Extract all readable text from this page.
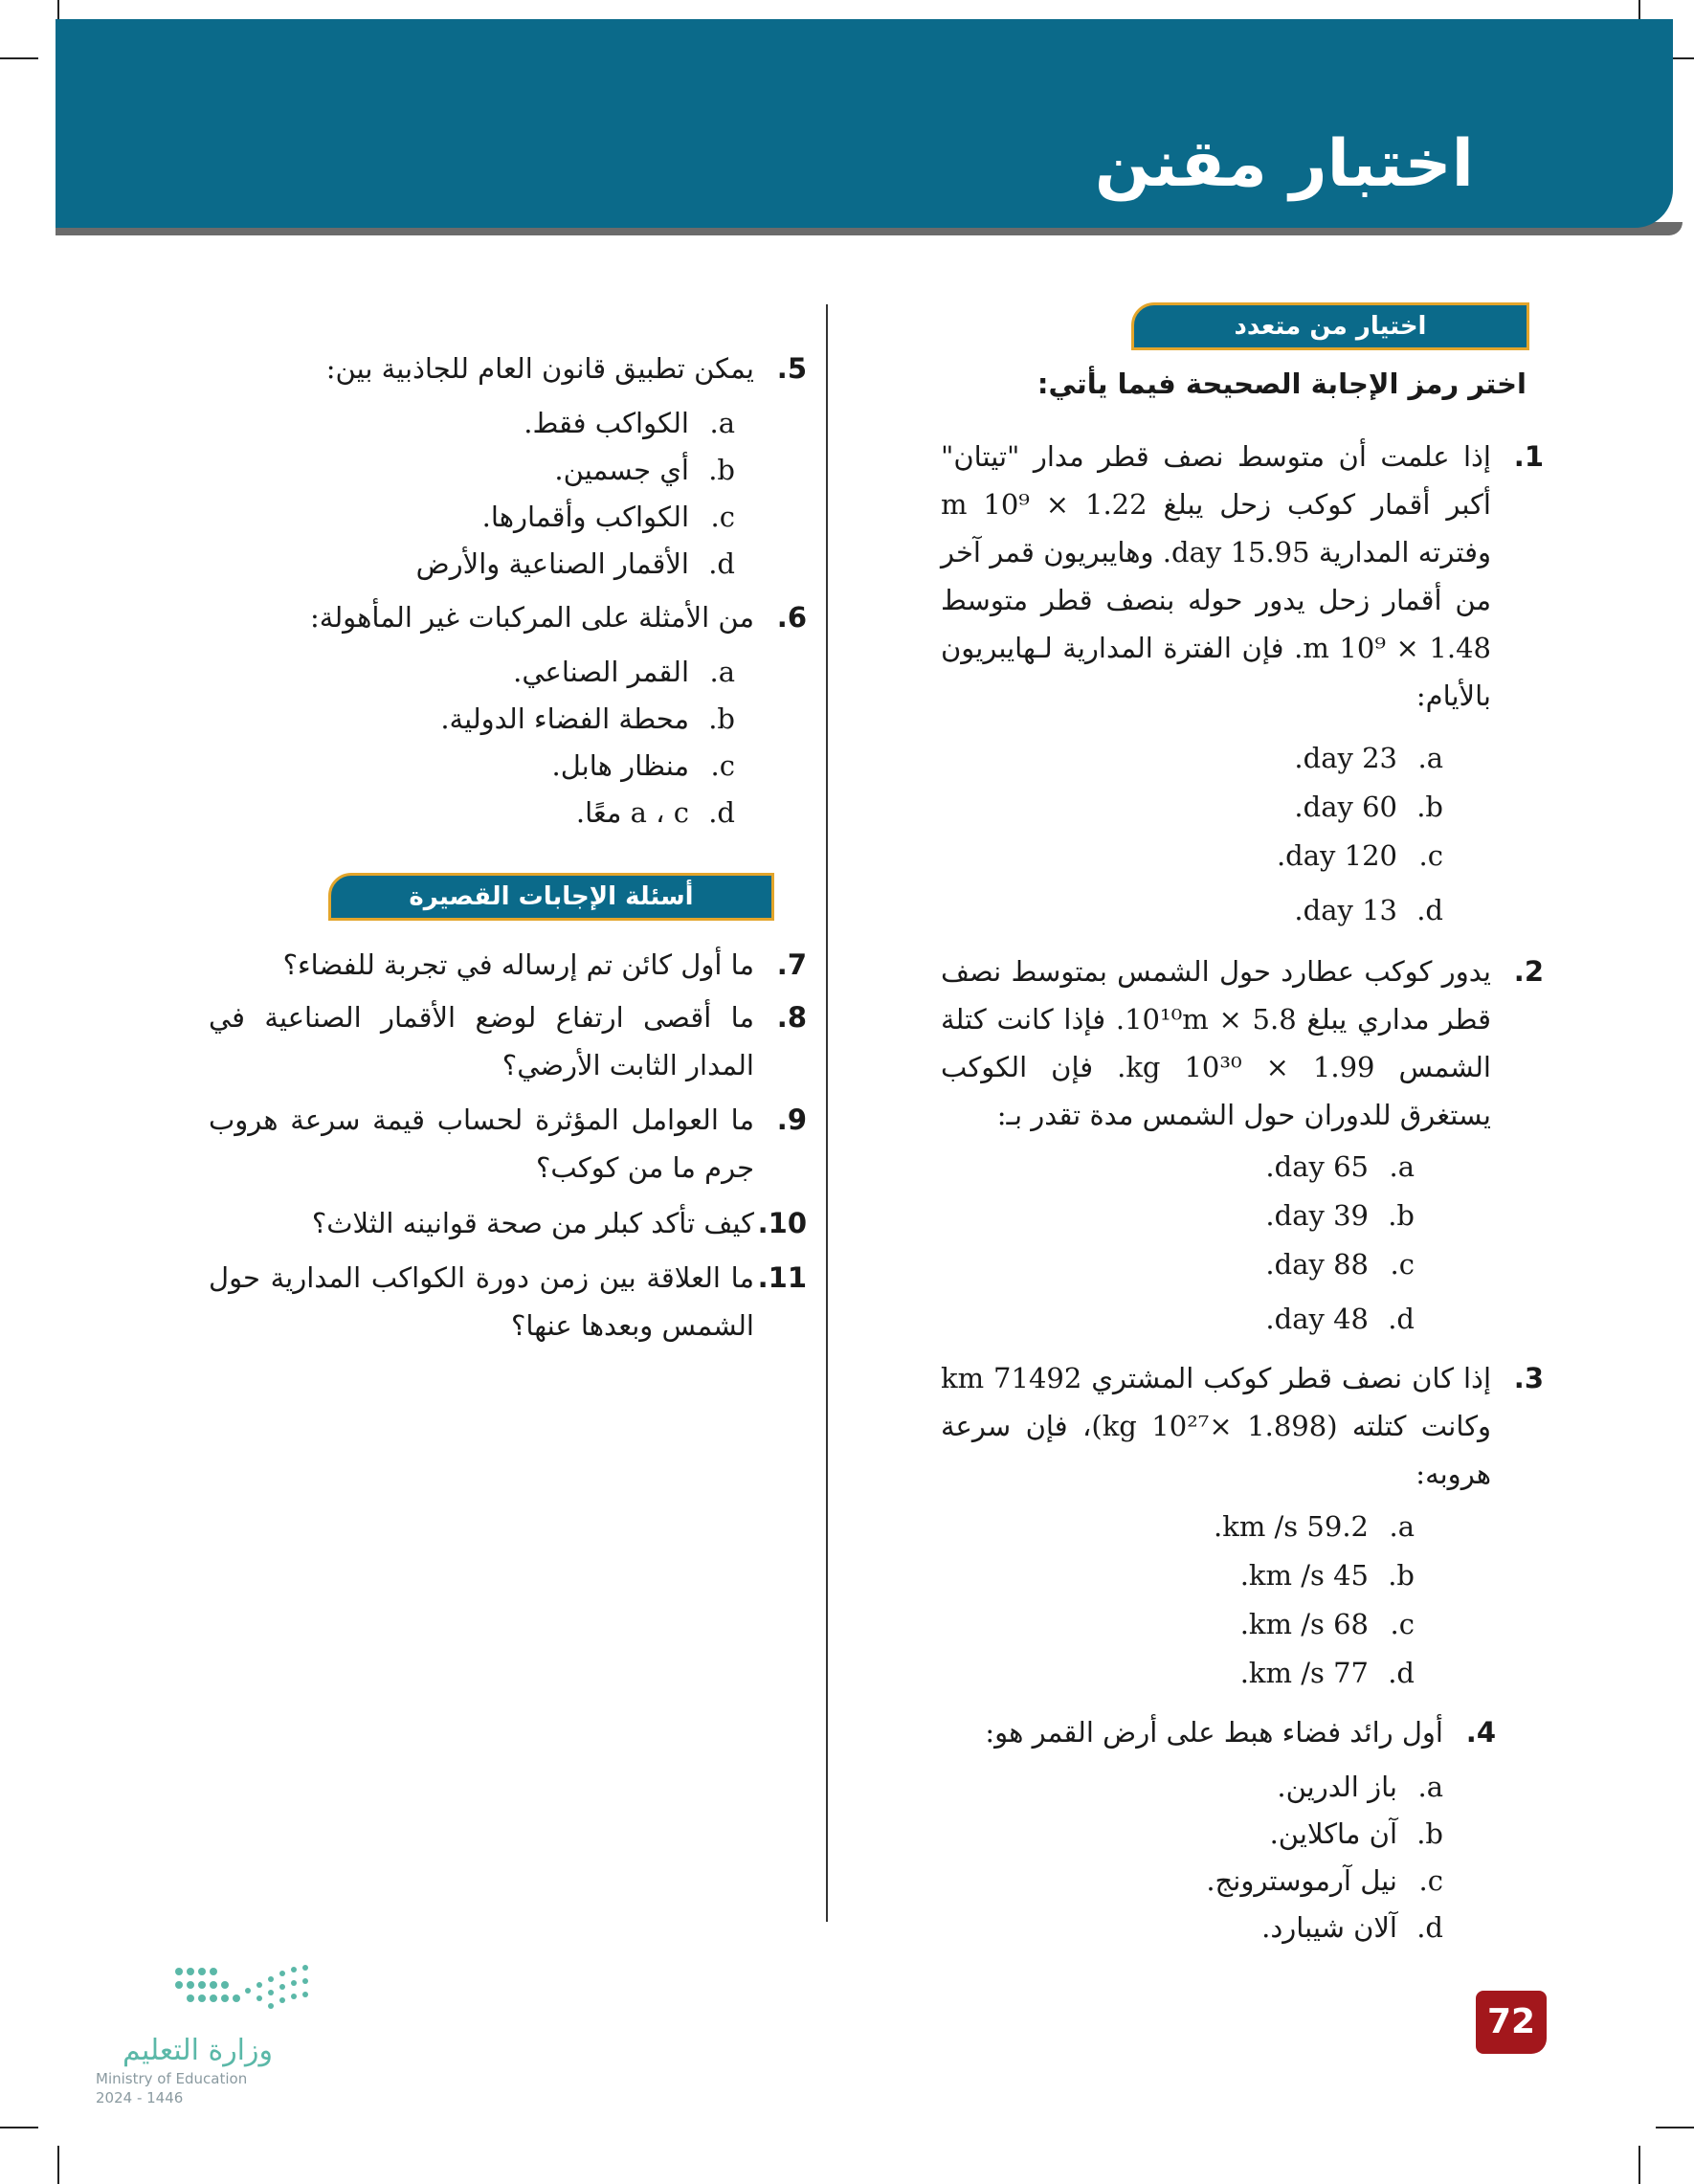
اختبار مقنن
اختيار من متعدد
اختر رمز الإجابة الصحيحة فيما يأتي:
1.
إذا علمت أن متوسط نصف قطر مدار "تيتان" أكبر أقمار كوكب زحل يبلغ 1.22 × 10⁹ m وفترته المدارية 15.95 day. وهايبريون قمر آخر من أقمار زحل يدور حوله بنصف قطر متوسط 1.48 × 10⁹ m. فإن الفترة المدارية لـهايبريون بالأيام:
a.23 day.
b.60 day.
c.120 day.
d.13 day.
2.
يدور كوكب عطارد حول الشمس بمتوسط نصف قطر مداري يبلغ 5.8 × 10¹⁰m. فإذا كانت كتلة الشمس 1.99 × 10³⁰ kg. فإن الكوكب يستغرق للدوران حول الشمس مدة تقدر بـ:
a.65 day.
b.39 day.
c.88 day.
d.48 day.
3.
إذا كان نصف قطر كوكب المشتري 71492 km وكانت كتلته (1.898 ×10²⁷ kg)، فإن سرعة هروبه:
a.59.2 km /s.
b.45 km /s.
c.68 km /s.
d.77 km /s.
4.
أول رائد فضاء هبط على أرض القمر هو:
a.باز الدرين.
b.آن ماكلاين.
c.نيل آرموسترونج.
d.آلان شيبارد.
5.
يمكن تطبيق قانون العام للجاذبية بين:
a.الكواكب فقط.
b.أي جسمين.
c.الكواكب وأقمارها.
d.الأقمار الصناعية والأرض
6.
من الأمثلة على المركبات غير المأهولة:
a.القمر الصناعي.
b.محطة الفضاء الدولية.
c.منظار هابل.
d.a ، c معًا.
أسئلة الإجابات القصيرة
7.
ما أول كائن تم إرساله في تجربة للفضاء؟
8.
ما أقصى ارتفاع لوضع الأقمار الصناعية في المدار الثابت الأرضي؟
9.
ما العوامل المؤثرة لحساب قيمة سرعة هروب جرم ما من كوكب؟
10.
كيف تأكد كبلر من صحة قوانينه الثلاث؟
11.
ما العلاقة بين زمن دورة الكواكب المدارية حول الشمس وبعدها عنها؟
وزارة التعليم
Ministry of Education
2024 - 1446
72
